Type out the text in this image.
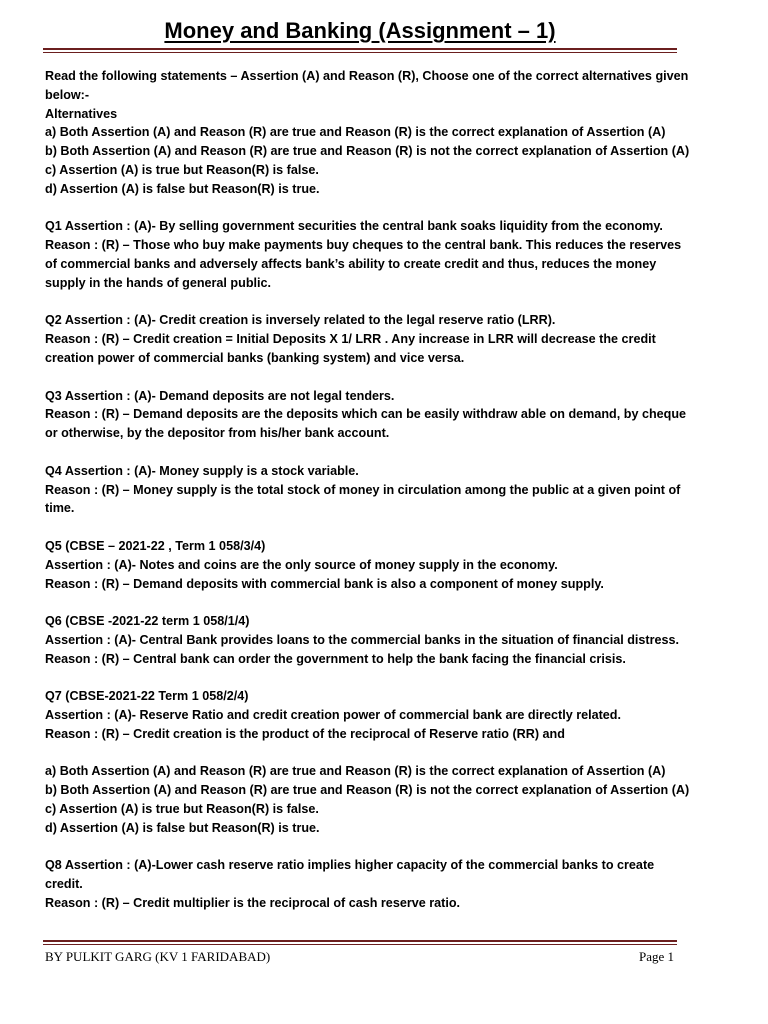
Money and Banking (Assignment – 1)
Read the following statements – Assertion (A) and Reason (R), Choose one of the correct alternatives given
below:-
Alternatives
a) Both Assertion (A) and Reason (R) are true and Reason (R) is the correct explanation of Assertion (A)
b) Both Assertion (A) and Reason (R) are true and Reason (R) is not the correct explanation of Assertion (A)
c) Assertion (A) is true but Reason(R) is false.
d) Assertion (A) is false but Reason(R) is true.
Q1 Assertion : (A)- By selling government securities the central bank soaks liquidity from the economy.
Reason : (R) – Those who buy make payments buy cheques to the central bank. This reduces the reserves
of commercial banks and adversely affects bank’s ability to create credit and thus, reduces the money
supply in the hands of general public.
Q2 Assertion : (A)- Credit creation is inversely related to the legal reserve ratio (LRR).
Reason : (R) – Credit creation = Initial Deposits X 1/ LRR . Any increase in LRR will decrease the credit
creation power of commercial banks (banking system) and vice versa.
Q3 Assertion : (A)- Demand deposits are not legal tenders.
Reason : (R) – Demand deposits are the deposits which can be easily withdraw able on demand, by cheque
or otherwise, by the depositor from his/her bank account.
Q4 Assertion : (A)- Money supply is a stock variable.
Reason : (R) – Money supply is the total stock of money in circulation among the public at a given point of
time.
Q5 (CBSE – 2021-22 , Term 1 058/3/4)
Assertion : (A)- Notes and coins are the only source of money supply in the economy.
Reason : (R) – Demand deposits with commercial bank is also a component of money supply.
Q6 (CBSE -2021-22 term 1 058/1/4)
Assertion : (A)- Central Bank provides loans to the commercial banks in the situation of financial distress.
Reason : (R) – Central bank can order the government to help the bank facing the financial crisis.
Q7 (CBSE-2021-22 Term 1 058/2/4)
Assertion : (A)- Reserve Ratio and credit creation power of commercial bank are directly related.
Reason : (R) – Credit creation is the product of the reciprocal of Reserve ratio (RR) and
a) Both Assertion (A) and Reason (R) are true and Reason (R) is the correct explanation of Assertion (A)
b) Both Assertion (A) and Reason (R) are true and Reason (R) is not the correct explanation of Assertion (A)
c) Assertion (A) is true but Reason(R) is false.
d) Assertion (A) is false but Reason(R) is true.
Q8 Assertion : (A)-Lower cash reserve ratio implies higher capacity of the commercial banks to create
credit.
Reason : (R) – Credit multiplier is the reciprocal of cash reserve ratio.
BY PULKIT GARG (KV 1 FARIDABAD)	Page 1
